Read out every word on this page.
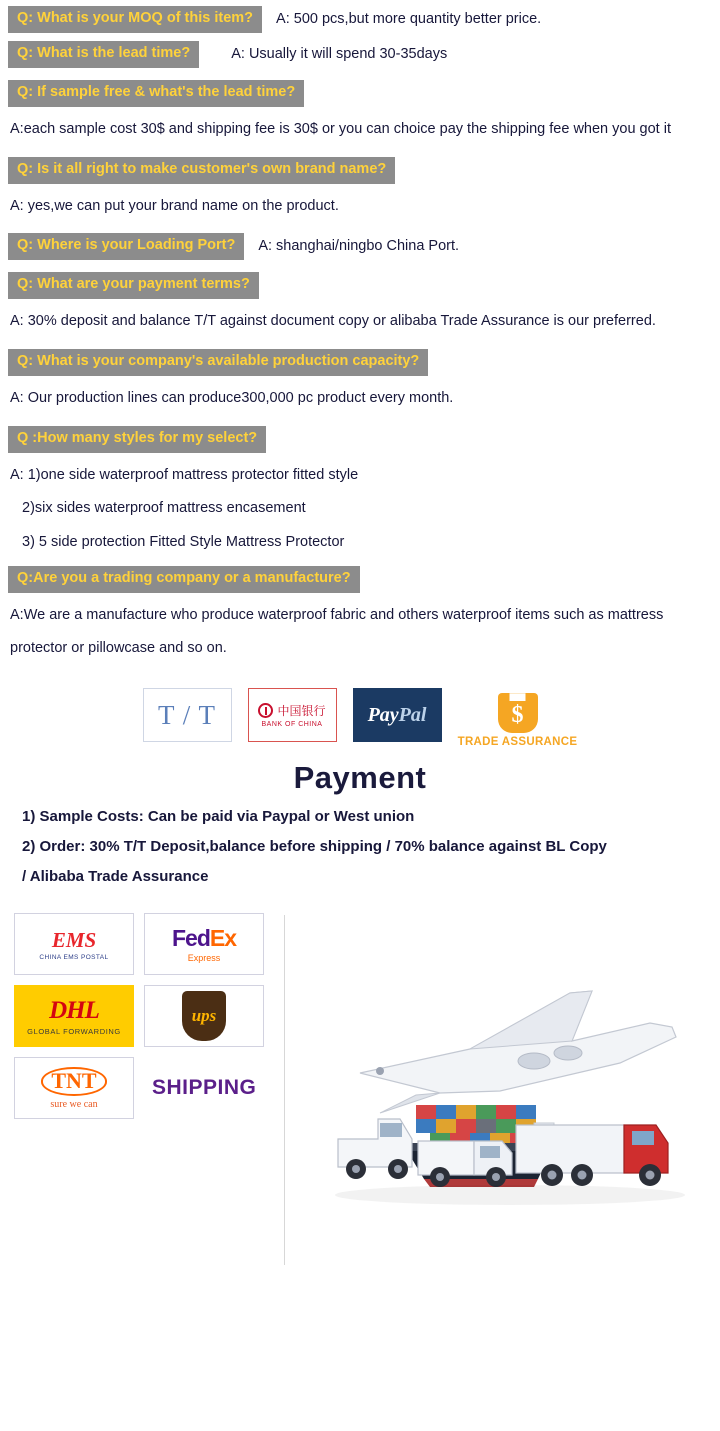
Q: What is your MOQ of this item?	A: 500 pcs,but more quantity better price.
Q: What is the lead time?	A: Usually it will spend 30-35days
Q: If sample free & what's the lead time?
A:each sample cost 30$ and shipping fee is 30$ or you can choice pay the shipping fee when you got it
Q: Is it all right to make customer's own brand name?
A: yes,we can put your brand name on the product.
Q: Where is your Loading Port?	A: shanghai/ningbo China Port.
Q: What are your payment terms?
A: 30% deposit and balance T/T against document copy or alibaba Trade Assurance is our preferred.
Q: What is your company's available production capacity?
A: Our production lines can produce300,000 pc product every month.
Q :How many styles for my select?
A: 1)one side waterproof mattress protector fitted style
2)six sides waterproof mattress encasement
3) 5 side protection Fitted Style Mattress Protector
Q:Are you a trading company or a manufacture?
A:We are a manufacture who produce waterproof fabric and others waterproof items such as mattress
protector or pillowcase and so on.
T / T	中国银行
BANK OF CHINA PayPal	$
TRADE ASSURANCE
Payment
1) Sample Costs: Can be paid via Paypal or West union
2) Order: 30% T/T Deposit,balance before shipping / 70% balance against BL Copy
/ Alibaba Trade Assurance
EMS
CHINA EMS POSTAL
FedEx
Express
DHL
GLOBAL FORWARDING
ups
TNT
sure we can
SHIPPING
